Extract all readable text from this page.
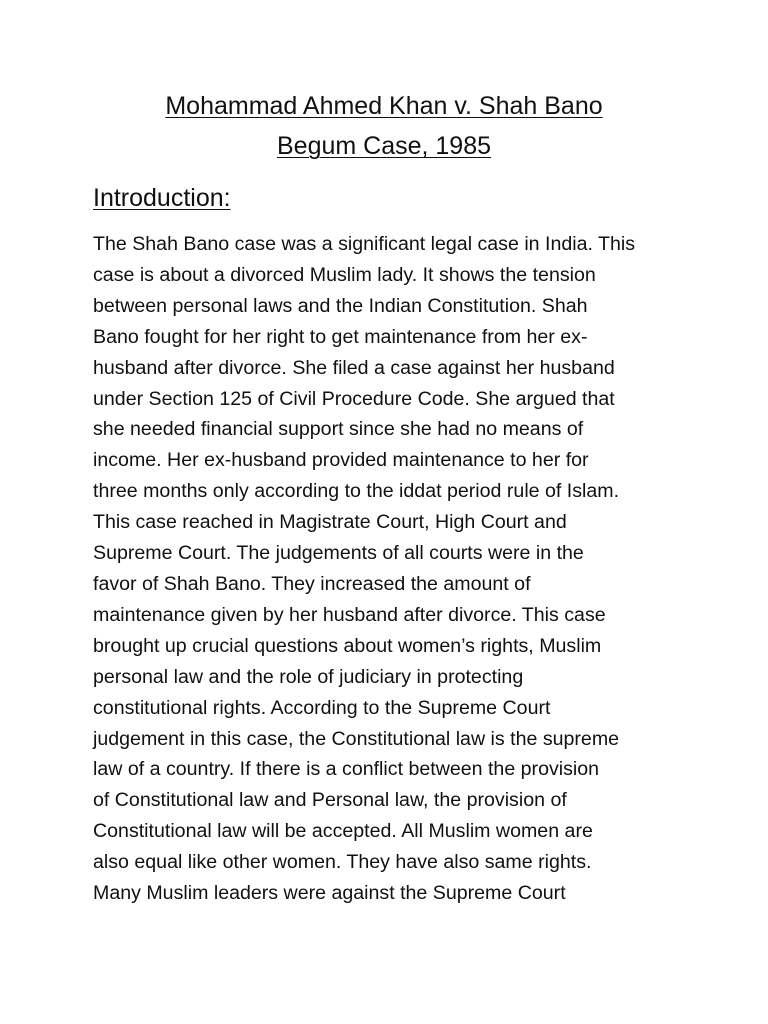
Mohammad Ahmed Khan v. Shah Bano
Begum Case, 1985
Introduction:

The Shah Bano case was a significant legal case in India. This
case is about a divorced Muslim lady. It shows the tension
between personal laws and the Indian Constitution. Shah
Bano fought for her right to get maintenance from her ex-
husband after divorce. She filed a case against her husband
under Section 125 of Civil Procedure Code. She argued that
she needed financial support since she had no means of
income. Her ex-husband provided maintenance to her for
three months only according to the iddat period rule of Islam.
This case reached in Magistrate Court, High Court and
Supreme Court. The judgements of all courts were in the
favor of Shah Bano. They increased the amount of
maintenance given by her husband after divorce. This case
brought up crucial questions about women’s rights, Muslim
personal law and the role of judiciary in protecting
constitutional rights. According to the Supreme Court
judgement in this case, the Constitutional law is the supreme
law of a country. If there is a conflict between the provision
of Constitutional law and Personal law, the provision of
Constitutional law will be accepted. All Muslim women are
also equal like other women. They have also same rights.
Many Muslim leaders were against the Supreme Court
